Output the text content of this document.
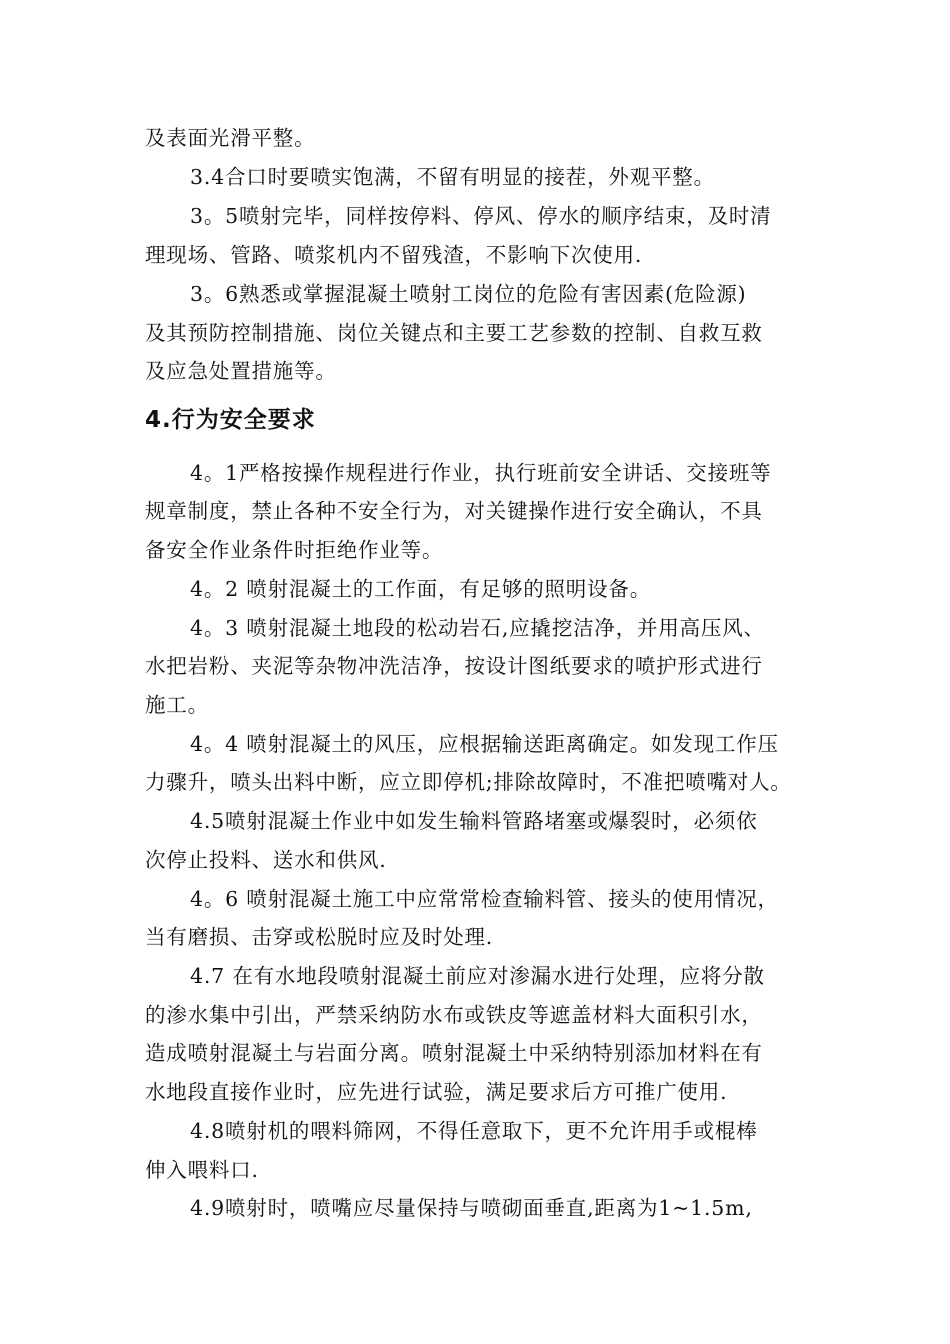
及表面光滑平整。
3.4合口时要喷实饱满，不留有明显的接茬，外观平整。
3。5喷射完毕，同样按停料、停风、停水的顺序结束，及时清
理现场、管路、喷浆机内不留残渣，不影响下次使用.
3。6熟悉或掌握混凝土喷射工岗位的危险有害因素(危险源)
及其预防控制措施、岗位关键点和主要工艺参数的控制、自救互救
及应急处置措施等。
4.行为安全要求
4。1严格按操作规程进行作业，执行班前安全讲话、交接班等
规章制度，禁止各种不安全行为，对关键操作进行安全确认，不具
备安全作业条件时拒绝作业等。
4。2 喷射混凝土的工作面，有足够的照明设备。
4。3 喷射混凝土地段的松动岩石,应撬挖洁净，并用高压风、
水把岩粉、夹泥等杂物冲洗洁净，按设计图纸要求的喷护形式进行
施工。
4。4 喷射混凝土的风压，应根据输送距离确定。如发现工作压
力骤升，喷头出料中断，应立即停机;排除故障时，不准把喷嘴对人。
4.5喷射混凝土作业中如发生输料管路堵塞或爆裂时，必须依
次停止投料、送水和供风.
4。6 喷射混凝土施工中应常常检查输料管、接头的使用情况，
当有磨损、击穿或松脱时应及时处理.
4.7 在有水地段喷射混凝土前应对渗漏水进行处理，应将分散
的渗水集中引出，严禁采纳防水布或铁皮等遮盖材料大面积引水，
造成喷射混凝土与岩面分离。喷射混凝土中采纳特别添加材料在有
水地段直接作业时，应先进行试验，满足要求后方可推广使用.
4.8喷射机的喂料筛网，不得任意取下，更不允许用手或棍棒
伸入喂料口.
4.9喷射时，喷嘴应尽量保持与喷砌面垂直,距离为1~1.5m,
